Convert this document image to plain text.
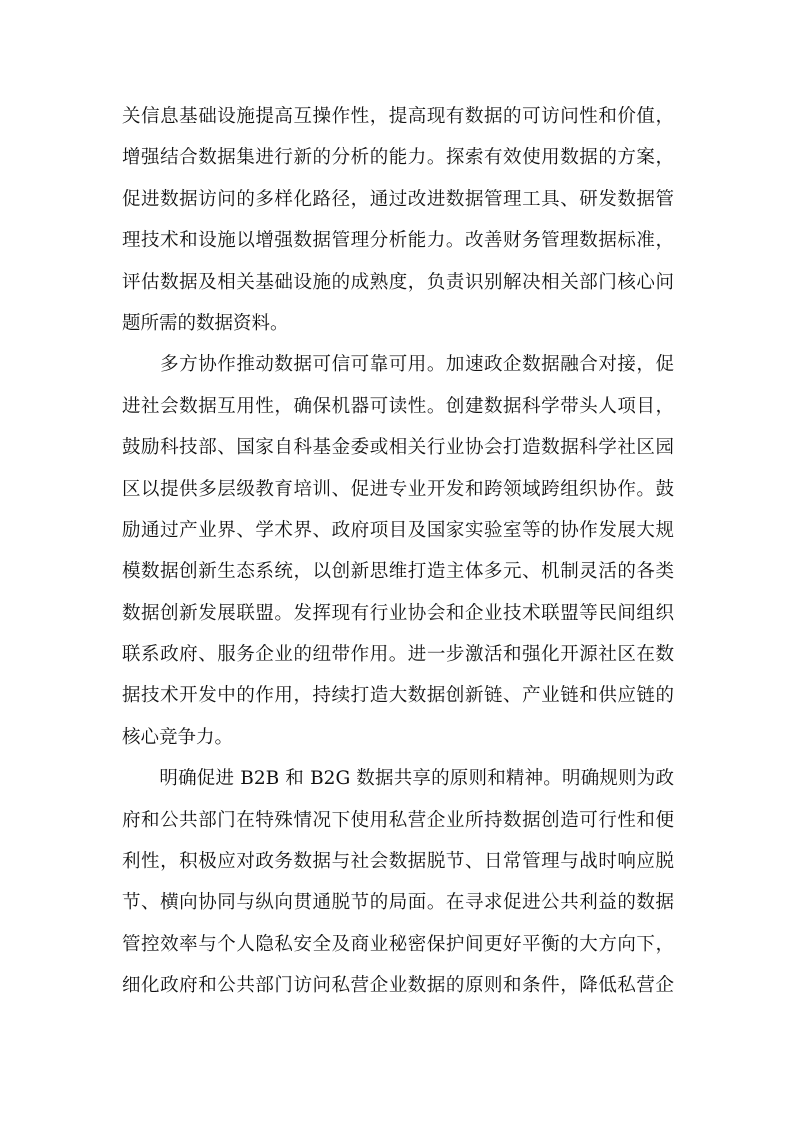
关信息基础设施提高互操作性，提高现有数据的可访问性和价值，
增强结合数据集进行新的分析的能力。探索有效使用数据的方案，
促进数据访问的多样化路径，通过改进数据管理工具、研发数据管
理技术和设施以增强数据管理分析能力。改善财务管理数据标准，
评估数据及相关基础设施的成熟度，负责识别解决相关部门核心问
题所需的数据资料。
　　多方协作推动数据可信可靠可用。加速政企数据融合对接，促
进社会数据互用性，确保机器可读性。创建数据科学带头人项目，
鼓励科技部、国家自科基金委或相关行业协会打造数据科学社区园
区以提供多层级教育培训、促进专业开发和跨领域跨组织协作。鼓
励通过产业界、学术界、政府项目及国家实验室等的协作发展大规
模数据创新生态系统，以创新思维打造主体多元、机制灵活的各类
数据创新发展联盟。发挥现有行业协会和企业技术联盟等民间组织
联系政府、服务企业的纽带作用。进一步激活和强化开源社区在数
据技术开发中的作用，持续打造大数据创新链、产业链和供应链的
核心竞争力。
　　明确促进 B2B 和 B2G 数据共享的原则和精神。明确规则为政
府和公共部门在特殊情况下使用私营企业所持数据创造可行性和便
利性，积极应对政务数据与社会数据脱节、日常管理与战时响应脱
节、横向协同与纵向贯通脱节的局面。在寻求促进公共利益的数据
管控效率与个人隐私安全及商业秘密保护间更好平衡的大方向下，
细化政府和公共部门访问私营企业数据的原则和条件，降低私营企
